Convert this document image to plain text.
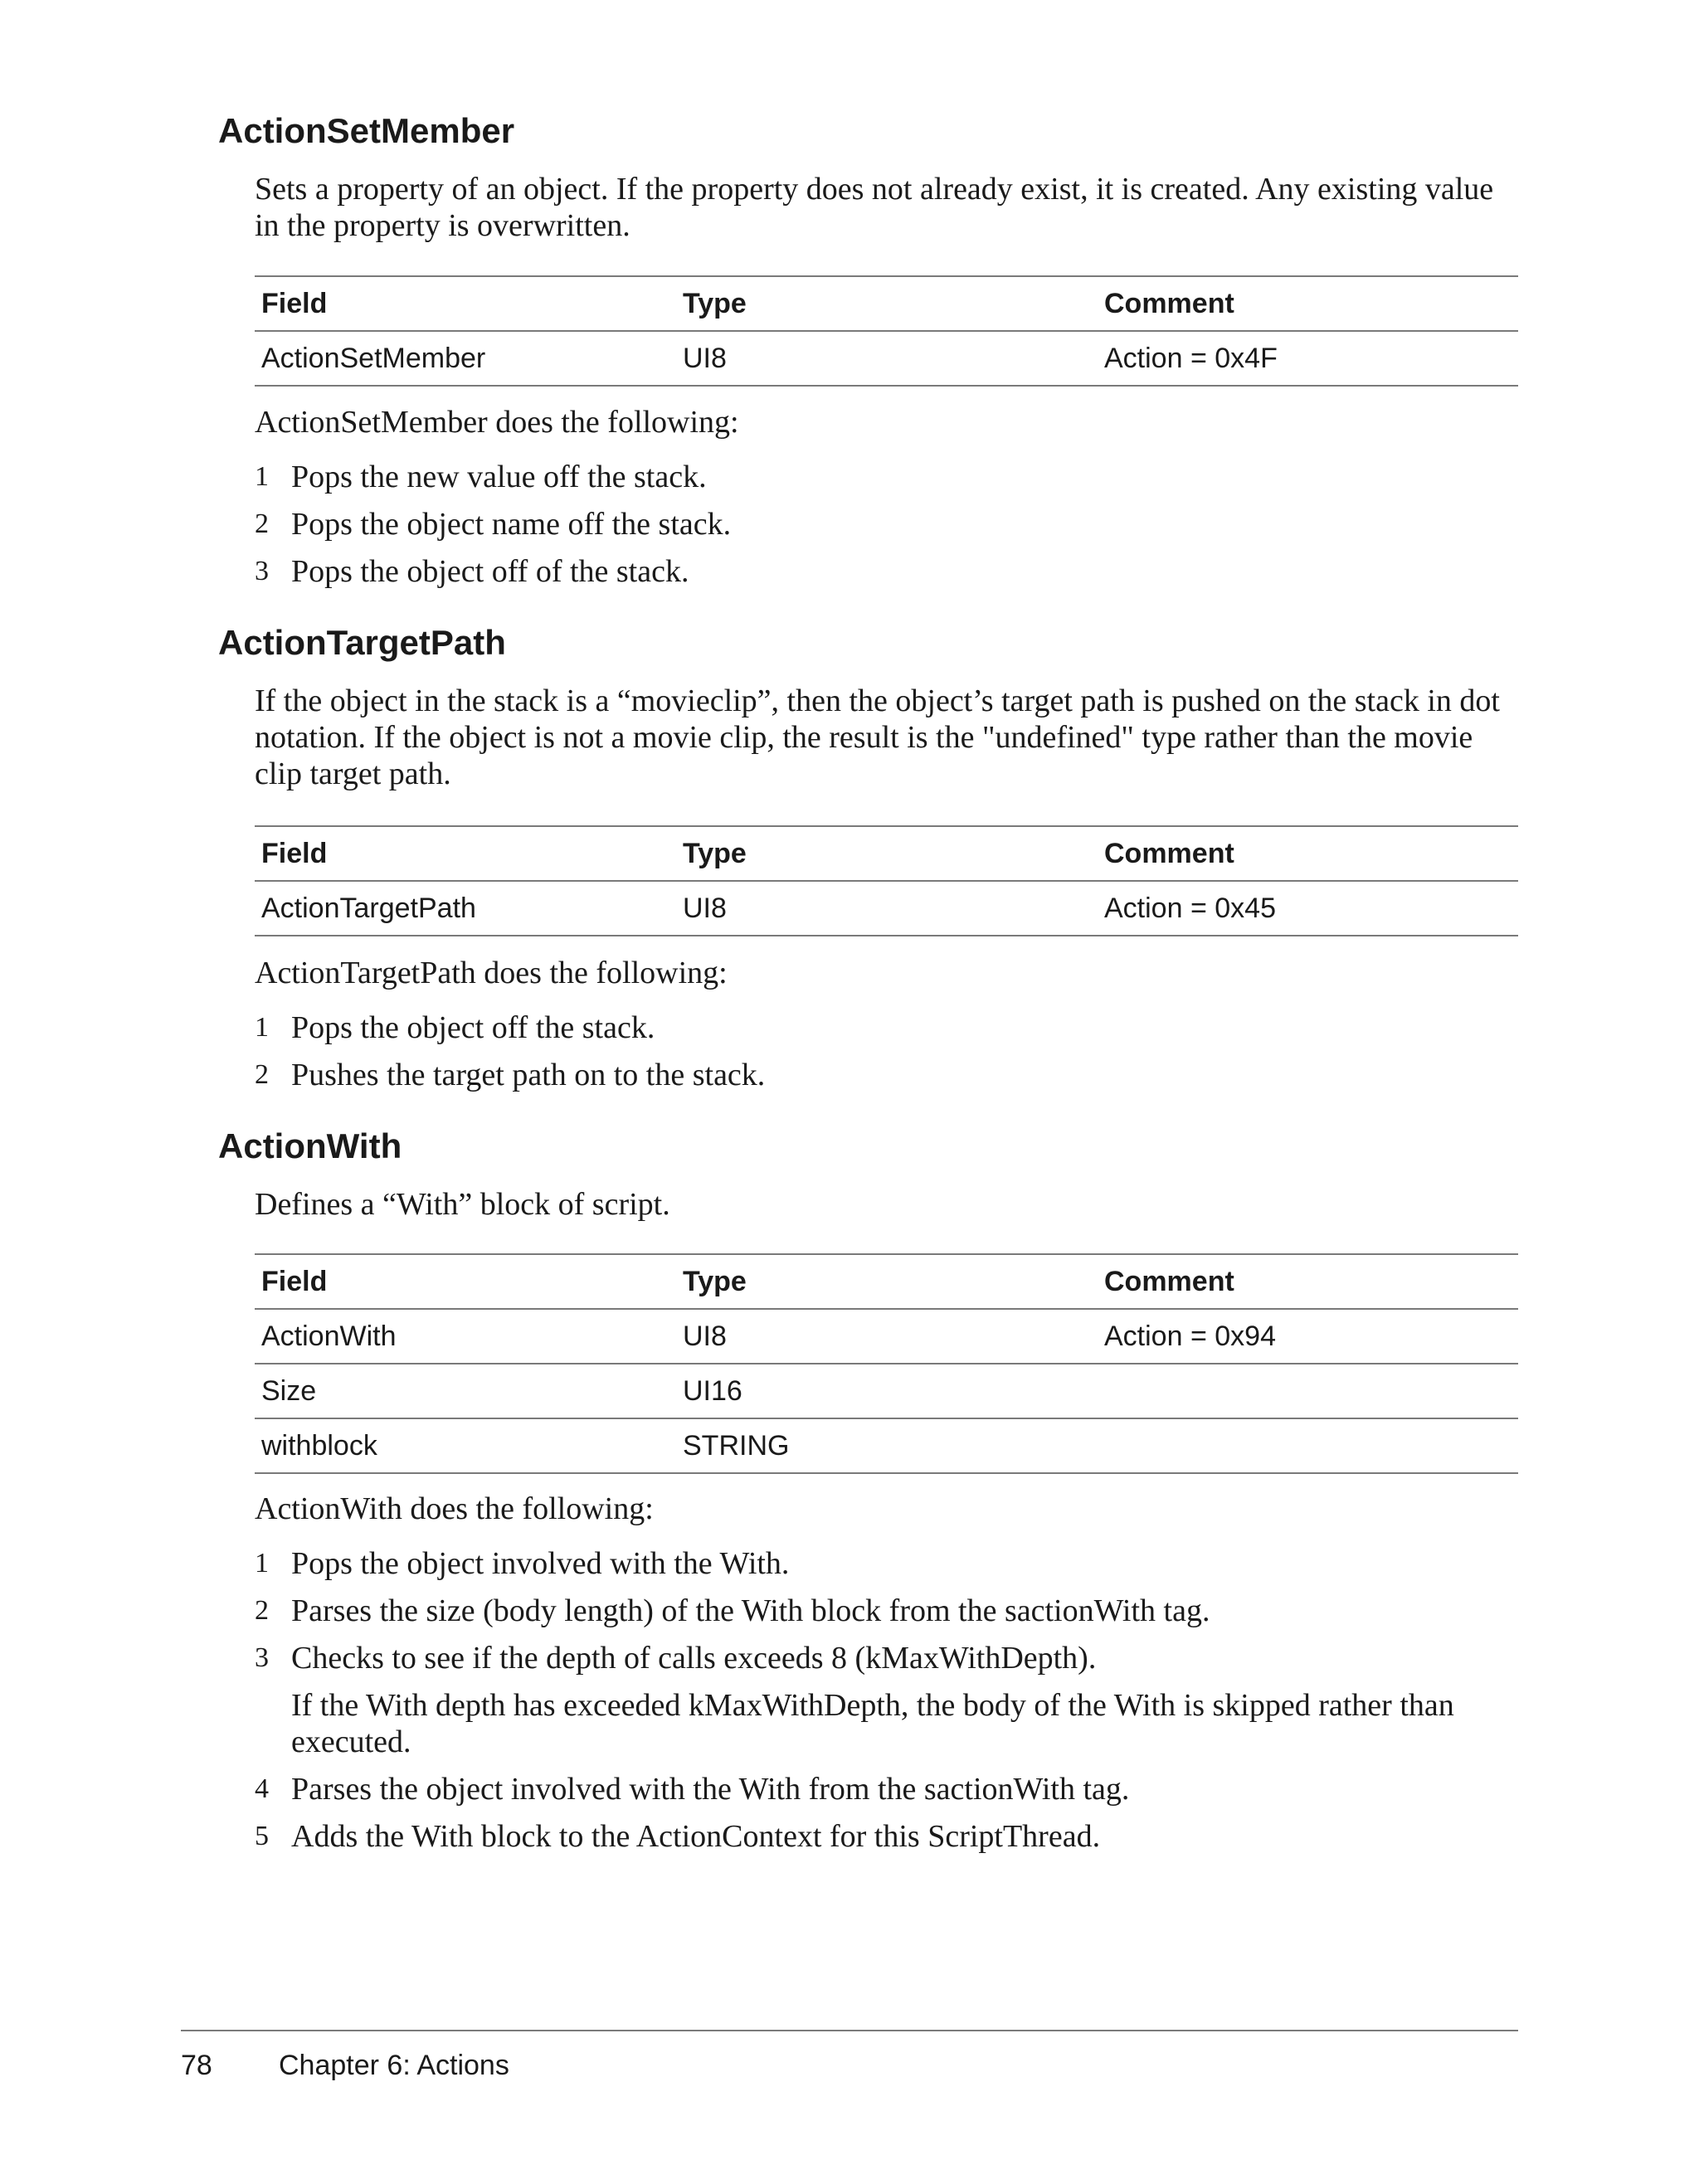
ActionSetMember

Sets a property of an object. If the property does not already exist, it is created. Any existing value in the property is overwritten.

Field	Type	Comment
ActionSetMember	UI8	Action = 0x4F

ActionSetMember does the following:

1 Pops the new value off the stack.
2 Pops the object name off the stack.
3 Pops the object off of the stack.
ActionTargetPath

If the object in the stack is a “movieclip”, then the object’s target path is pushed on the stack in dot notation. If the object is not a movie clip, the result is the "undefined" type rather than the movie clip target path.

Field	Type	Comment
ActionTargetPath	UI8	Action = 0x45

ActionTargetPath does the following:

1 Pops the object off the stack.
2 Pushes the target path on to the stack.
ActionWith

Defines a “With” block of script.

Field	Type	Comment
ActionWith	UI8	Action = 0x94
Size	UI16	
withblock	STRING	

ActionWith does the following:

1 Pops the object involved with the With.
2 Parses the size (body length) of the With block from the sactionWith tag.
3 Checks to see if the depth of calls exceeds 8 (kMaxWithDepth).
If the With depth has exceeded kMaxWithDepth, the body of the With is skipped rather than executed.
4 Parses the object involved with the With from the sactionWith tag.
5 Adds the With block to the ActionContext for this ScriptThread.
78 Chapter 6: Actions
